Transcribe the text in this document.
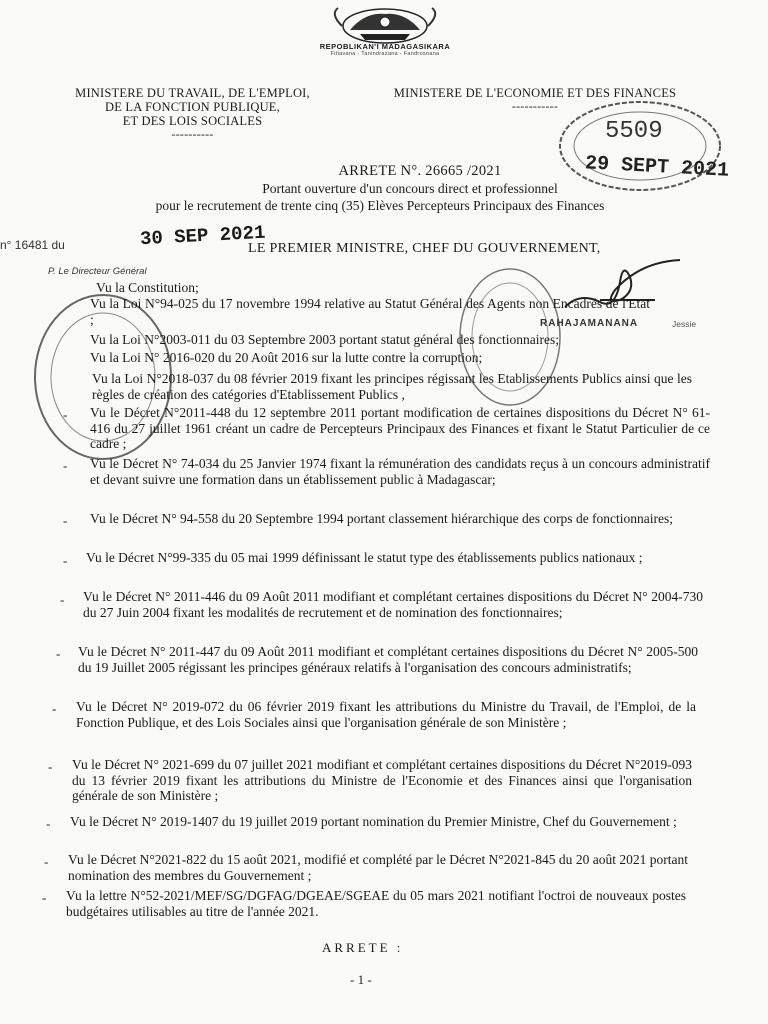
REPOBLIKAN'I MADAGASIKARA
Fitiavana - Tanindrazana - Fandrosoana
MINISTERE DU TRAVAIL, DE L'EMPLOI,
DE LA FONCTION PUBLIQUE,
ET DES LOIS SOCIALES
----------
MINISTERE DE L'ECONOMIE ET DES FINANCES
-----------
5509
29 SEPT 2021
ARRETE N°. 26665 /2021
Portant ouverture d'un concours direct et professionnel
pour le recrutement de trente cinq (35) Elèves Percepteurs Principaux des Finances
n° 16481 du	30 SEP 2021
LE PREMIER MINISTRE, CHEF DU GOUVERNEMENT,
P. Le Directeur Général
RAHAJAMANANA	Jessie
Vu la Constitution;
Vu la Loi N°94-025 du 17 novembre 1994 relative au Statut Général des Agents non Encadrés de l'Etat ;
Vu la Loi N°2003-011 du 03 Septembre 2003 portant statut général des fonctionnaires;
Vu la Loi N° 2016-020 du 20 Août 2016 sur la lutte contre la corruption;
Vu la Loi N°2018-037 du 08 février 2019 fixant les principes régissant les Etablissements Publics ainsi que les règles de création des catégories d'Etablissement Publics ,
- Vu le Décret N°2011-448 du 12 septembre 2011 portant modification de certaines dispositions du Décret N° 61-416 du 27 juillet 1961 créant un cadre de Percepteurs Principaux des Finances et fixant le Statut Particulier de ce cadre ;
- Vu le Décret N° 74-034 du 25 Janvier 1974 fixant la rémunération des candidats reçus à un concours administratif et devant suivre une formation dans un établissement public à Madagascar;
- Vu le Décret N° 94-558 du 20 Septembre 1994 portant classement hiérarchique des corps de fonctionnaires;
- Vu le Décret N°99-335 du 05 mai 1999 définissant le statut type des établissements publics nationaux ;
- Vu le Décret N° 2011-446 du 09 Août 2011 modifiant et complétant certaines dispositions du Décret N° 2004-730 du 27 Juin 2004 fixant les modalités de recrutement et de nomination des fonctionnaires;
- Vu le Décret N° 2011-447 du 09 Août 2011 modifiant et complétant certaines dispositions du Décret N° 2005-500 du 19 Juillet 2005 régissant les principes généraux relatifs à l'organisation des concours administratifs;
- Vu le Décret N° 2019-072 du 06 février 2019 fixant les attributions du Ministre du Travail, de l'Emploi, de la Fonction Publique, et des Lois Sociales ainsi que l'organisation générale de son Ministère ;
- Vu le Décret N° 2021-699 du 07 juillet 2021 modifiant et complétant certaines dispositions du Décret N°2019-093 du 13 février 2019 fixant les attributions du Ministre de l'Economie et des Finances ainsi que l'organisation générale de son Ministère ;
- Vu le Décret N° 2019-1407 du 19 juillet 2019 portant nomination du Premier Ministre, Chef du Gouvernement ;
- Vu le Décret N°2021-822 du 15 août 2021, modifié et complété par le Décret N°2021-845 du 20 août 2021 portant nomination des membres du Gouvernement ;
- Vu la lettre N°52-2021/MEF/SG/DGFAG/DGEAE/SGEAE du 05 mars 2021 notifiant l'octroi de nouveaux postes budgétaires utilisables au titre de l'année 2021.
ARRETE :
- 1 -
